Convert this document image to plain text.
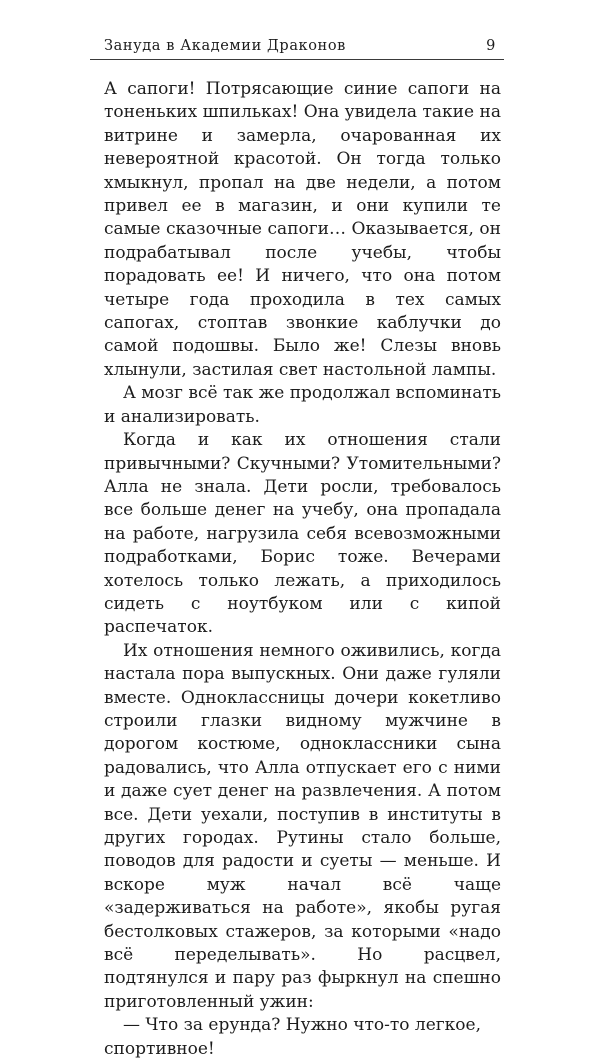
Зануда в Академии Драконов	9

А сапоги! Потрясающие синие сапоги на тоненьких шпильках! Она увидела такие на витрине и замерла, очарованная их невероятной красотой. Он тогда только хмыкнул, пропал на две недели, а потом привел ее в магазин, и они купили те самые сказочные сапоги… Оказывается, он подрабатывал после учебы, чтобы порадовать ее! И ничего, что она потом четыре года проходила в тех самых сапогах, стоптав звонкие каблучки до самой подошвы. Было же! Слезы вновь хлынули, застилая свет настольной лампы.

А мозг всё так же продолжал вспоминать и анализировать.

Когда и как их отношения стали привычными? Скучными? Утомительными? Алла не знала. Дети росли, требовалось все больше денег на учебу, она пропадала на работе, нагрузила себя всевозможными подработками, Борис тоже. Вечерами хотелось только лежать, а приходилось сидеть с ноутбуком или с кипой распечаток.

Их отношения немного оживились, когда настала пора выпускных. Они даже гуляли вместе. Одноклассницы дочери кокетливо строили глазки видному мужчине в дорогом костюме, одноклассники сына радовались, что Алла отпускает его с ними и даже сует денег на развлечения. А потом все. Дети уехали, поступив в институты в других городах. Рутины стало больше, поводов для радости и суеты — меньше. И вскоре муж начал всё чаще «задерживаться на работе», якобы ругая бестолковых стажеров, за которыми «надо всё переделывать». Но расцвел, подтянулся и пару раз фыркнул на спешно приготовленный ужин:

— Что за ерунда? Нужно что-то легкое, спортивное!
